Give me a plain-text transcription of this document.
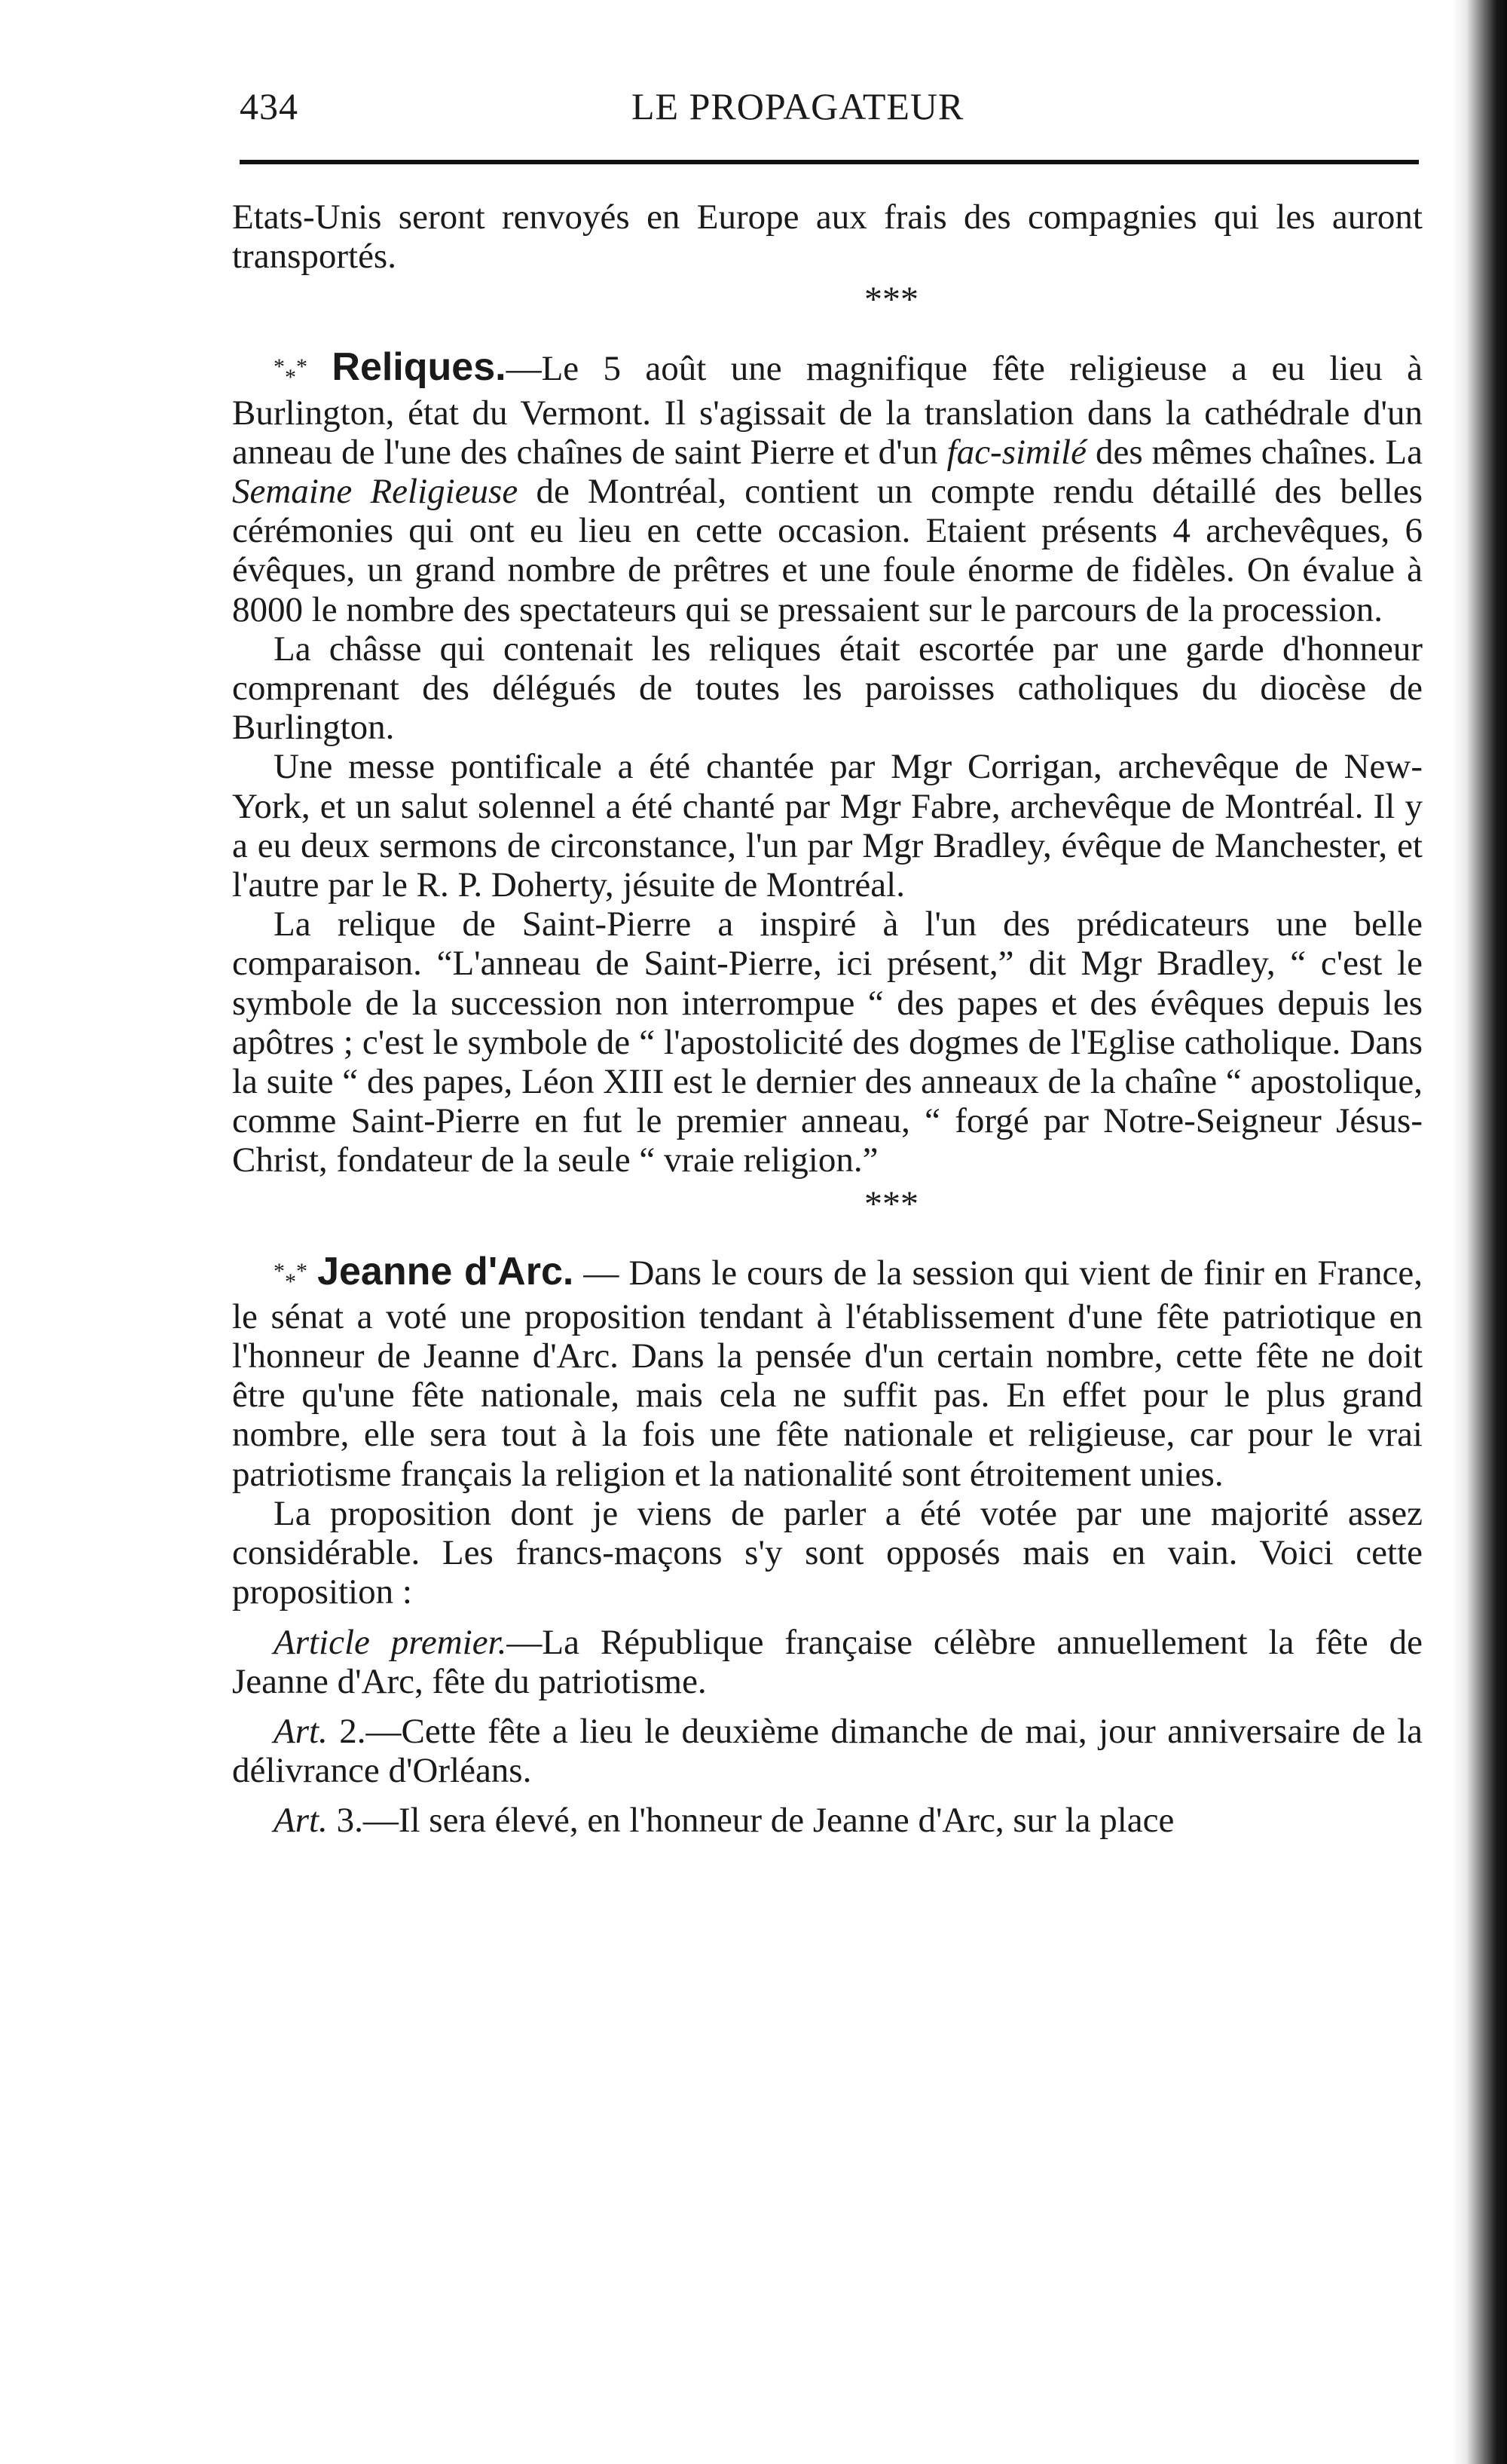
434	LE PROPAGATEUR

Etats-Unis seront renvoyés en Europe aux frais des compagnies qui les auront transportés.

***

*** Reliques.—Le 5 août une magnifique fête religieuse a eu lieu à Burlington, état du Vermont. Il s'agissait de la translation dans la cathédrale d'un anneau de l'une des chaînes de saint Pierre et d'un fac-similé des mêmes chaînes. La Semaine Religieuse de Montréal, contient un compte rendu détaillé des belles cérémonies qui ont eu lieu en cette occasion. Etaient présents 4 archevêques, 6 évêques, un grand nombre de prêtres et une foule énorme de fidèles. On évalue à 8000 le nombre des spectateurs qui se pressaient sur le parcours de la procession.

La châsse qui contenait les reliques était escortée par une garde d'honneur comprenant des délégués de toutes les paroisses catholiques du diocèse de Burlington.

Une messe pontificale a été chantée par Mgr Corrigan, archevêque de New-York, et un salut solennel a été chanté par Mgr Fabre, archevêque de Montréal. Il y a eu deux sermons de circonstance, l'un par Mgr Bradley, évêque de Manchester, et l'autre par le R. P. Doherty, jésuite de Montréal.

La relique de Saint-Pierre a inspiré à l'un des prédicateurs une belle comparaison. “L'anneau de Saint-Pierre, ici présent,” dit Mgr Bradley, “ c'est le symbole de la succession non interrompue “ des papes et des évêques depuis les apôtres ; c'est le symbole de “ l'apostolicité des dogmes de l'Eglise catholique. Dans la suite “ des papes, Léon XIII est le dernier des anneaux de la chaîne “ apostolique, comme Saint-Pierre en fut le premier anneau, “ forgé par Notre-Seigneur Jésus-Christ, fondateur de la seule “ vraie religion.”

***

*** Jeanne d'Arc. — Dans le cours de la session qui vient de finir en France, le sénat a voté une proposition tendant à l'établissement d'une fête patriotique en l'honneur de Jeanne d'Arc. Dans la pensée d'un certain nombre, cette fête ne doit être qu'une fête nationale, mais cela ne suffit pas. En effet pour le plus grand nombre, elle sera tout à la fois une fête nationale et religieuse, car pour le vrai patriotisme français la religion et la nationalité sont étroitement unies.

La proposition dont je viens de parler a été votée par une majorité assez considérable. Les francs-maçons s'y sont opposés mais en vain. Voici cette proposition :

Article premier.—La République française célèbre annuellement la fête de Jeanne d'Arc, fête du patriotisme.

Art. 2.—Cette fête a lieu le deuxième dimanche de mai, jour anniversaire de la délivrance d'Orléans.

Art. 3.—Il sera élevé, en l'honneur de Jeanne d'Arc, sur la place
